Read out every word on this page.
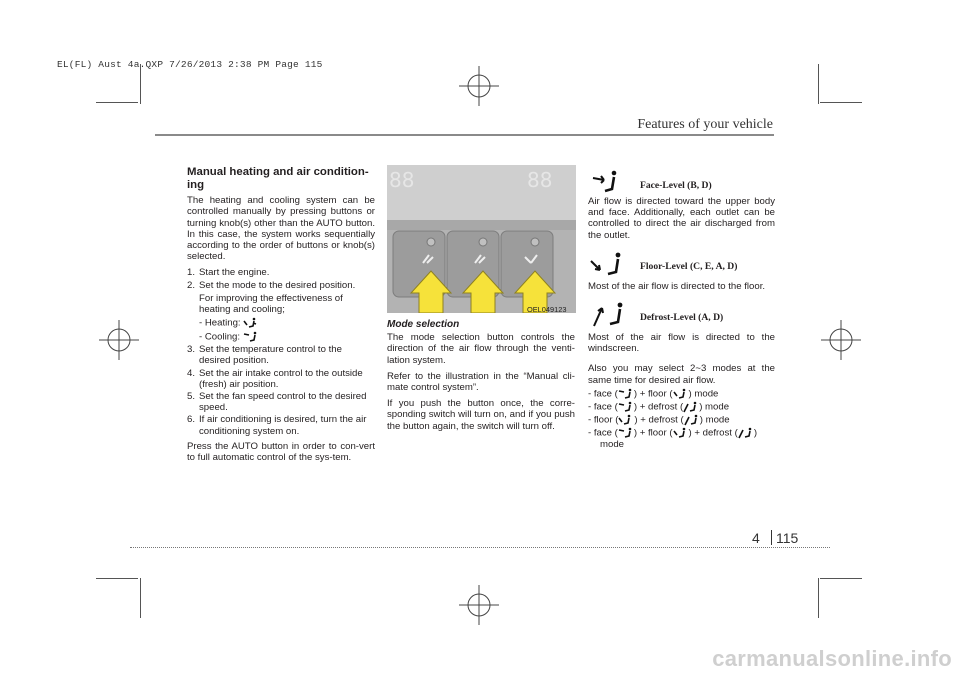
EL(FL) Aust 4a.QXP 7/26/2013 2:38 PM Page 115
Features of your vehicle
Manual heating and air condition-ing

The heating and cooling system can be controlled manually by pressing buttons or turning knob(s) other than the AUTO button. In this case, the system works sequentially according to the order of buttons or knob(s) selected.

1. Start the engine.
2. Set the mode to the desired position.
For improving the effectiveness of heating and cooling;
- Heating:
- Cooling:
3. Set the temperature control to the desired position.
4. Set the air intake control to the outside (fresh) air position.
5. Set the fan speed control to the desired speed.
6. If air conditioning is desired, turn the air conditioning system on.

Press the AUTO button in order to con-vert to full automatic control of the sys-tem.

88	88
OEL049123
Mode selection

The mode selection button controls the direction of the air flow through the venti-lation system.

Refer to the illustration in the “Manual cli-mate control system”.

If you push the button once, the corre-sponding switch will turn on, and if you push the button again, the switch will turn off.

Face-Level (B, D)

Air flow is directed toward the upper body and face. Additionally, each outlet can be controlled to direct the air discharged from the outlet.

Floor-Level (C, E, A, D)

Most of the air flow is directed to the floor.

Defrost-Level (A, D)

Most of the air flow is directed to the windscreen.

Also you may select 2~3 modes at the same time for desired air flow.

- face ( ) + floor ( ) mode
- face ( ) + defrost ( ) mode
- floor ( ) + defrost ( ) mode
- face ( ) + floor ( ) + defrost ( )
mode
4 115
carmanualsonline.info
